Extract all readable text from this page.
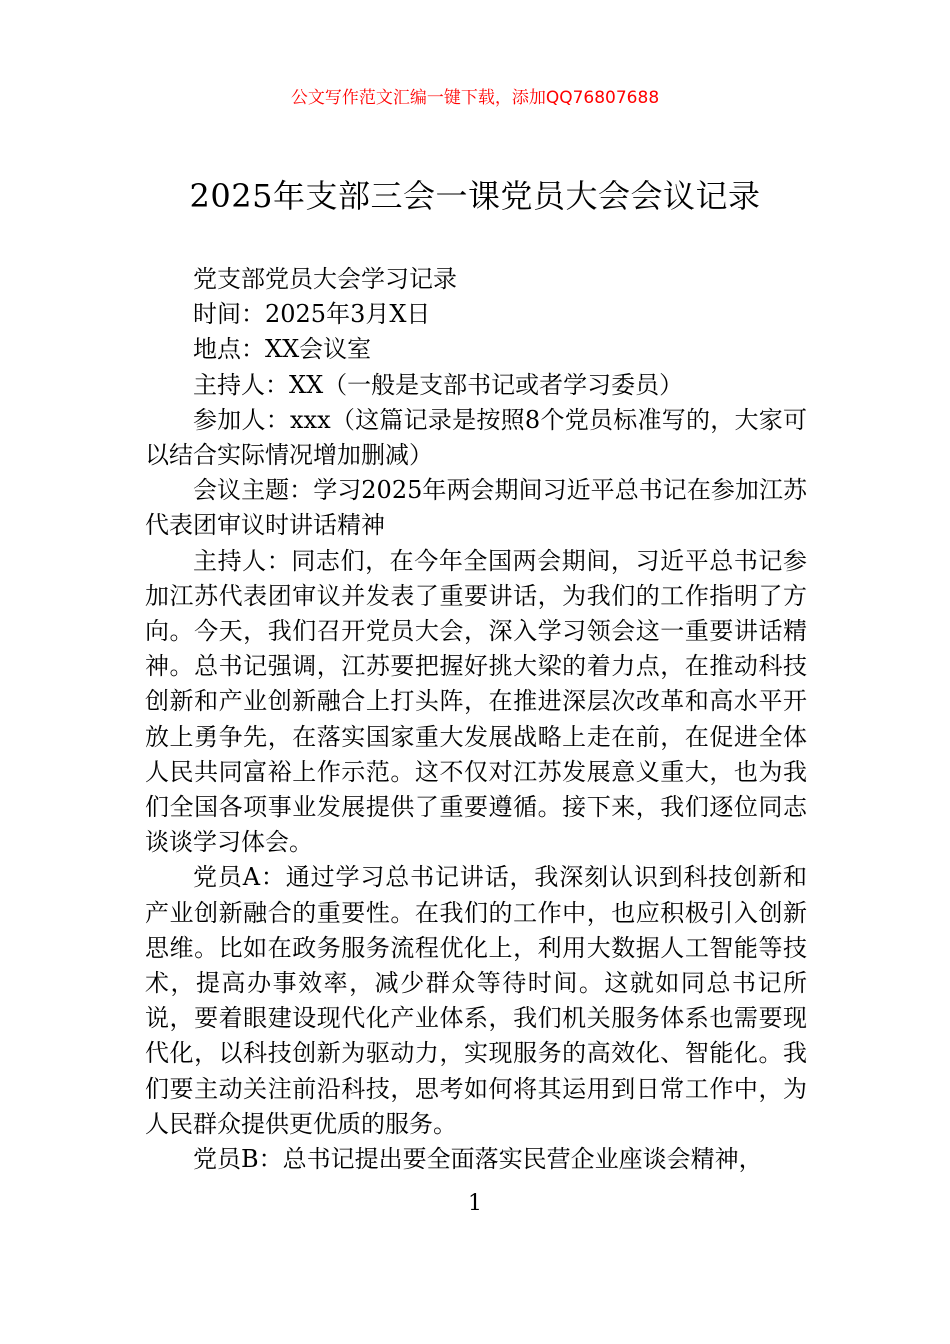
公文写作范文汇编一键下载，添加QQ76807688
2025年支部三会一课党员大会会议记录

党支部党员大会学习记录

时间：2025年3月X日

地点：XX会议室

主持人：XX（一般是支部书记或者学习委员）

参加人：xxx（这篇记录是按照8个党员标准写的，大家可以结合实际情况增加删减）

会议主题：学习2025年两会期间习近平总书记在参加江苏代表团审议时讲话精神

主持人：同志们，在今年全国两会期间，习近平总书记参加江苏代表团审议并发表了重要讲话，为我们的工作指明了方向。今天，我们召开党员大会，深入学习领会这一重要讲话精神。总书记强调，江苏要把握好挑大梁的着力点，在推动科技创新和产业创新融合上打头阵，在推进深层次改革和高水平开放上勇争先，在落实国家重大发展战略上走在前，在促进全体人民共同富裕上作示范。这不仅对江苏发展意义重大，也为我们全国各项事业发展提供了重要遵循。接下来，我们逐位同志谈谈学习体会。

党员A：通过学习总书记讲话，我深刻认识到科技创新和产业创新融合的重要性。在我们的工作中，也应积极引入创新思维。比如在政务服务流程优化上，利用大数据人工智能等技术，提高办事效率，减少群众等待时间。这就如同总书记所说，要着眼建设现代化产业体系，我们机关服务体系也需要现代化，以科技创新为驱动力，实现服务的高效化、智能化。我们要主动关注前沿科技，思考如何将其运用到日常工作中，为人民群众提供更优质的服务。

党员B：总书记提出要全面落实民营企业座谈会精神，

1
